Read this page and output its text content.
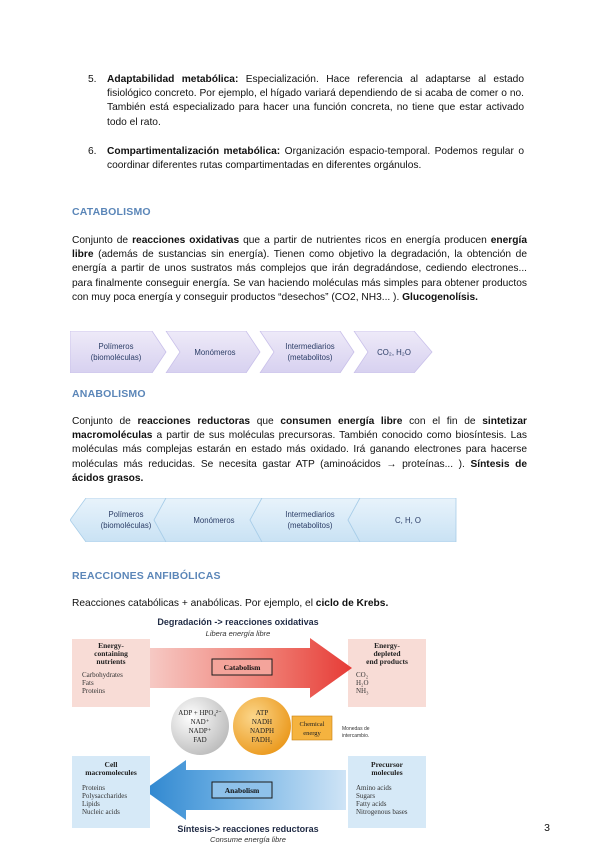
5. Adaptabilidad metabólica: Especialización. Hace referencia al adaptarse al estado fisiológico concreto. Por ejemplo, el hígado variará dependiendo de si acaba de comer o no. También está especializado para hacer una función concreta, no tiene que estar activado todo el rato.
6. Compartimentalización metabólica: Organización espacio-temporal. Podemos regular o coordinar diferentes rutas compartimentadas en diferentes orgánulos.
CATABOLISMO
Conjunto de reacciones oxidativas que a partir de nutrientes ricos en energía producen energía libre (además de sustancias sin energía). Tienen como objetivo la degradación, la obtención de energía a partir de unos sustratos más complejos que irán degradándose, cediendo electrones... para finalmente conseguir energía. Se van haciendo moléculas más simples para obtener productos con muy poca energía y conseguir productos “desechos” (CO2, NH3... ). Glucogenolísis.
Polímeros
(biomoléculas)
Monómeros
Intermediarios
(metabolitos)
CO₂, H₂O
ANABOLISMO
Conjunto de reacciones reductoras que consumen energía libre con el fin de sintetizar macromoléculas a partir de sus moléculas precursoras. También conocido como biosíntesis. Las moléculas más complejas estarán en estado más oxidado. Irá ganando electrones para hacerse moléculas más reducidas. Se necesita gastar ATP (aminoácidos → proteínas... ). Síntesis de ácidos grasos.
Polímeros
(biomoléculas)
Monómeros
Intermediarios
(metabolitos)
C, H, O
REACCIONES ANFIBÓLICAS
Reacciones catabólicas + anabólicas. Por ejemplo, el ciclo de Krebs.
Degradación -> reacciones oxidativas
Libera energía libre
Energy-
containing
nutrients
Carbohydrates
Fats
Proteins
Energy-
depleted
end products
CO₂
H₂O
NH₃
Catabolism
ADP + HPO₄²⁻
NAD⁺
NADP⁺
FAD
ATP
NADH
NADPH
FADH₂
Chemical
energy
Monedas de
intercambio.
Anabolism
Cell
macromolecules
Proteins
Polysaccharides
Lipids
Nucleic acids
Precursor
molecules
Amino acids
Sugars
Fatty acids
Nitrogenous bases
Síntesis-> reacciones reductoras
Consume energía libre
3
